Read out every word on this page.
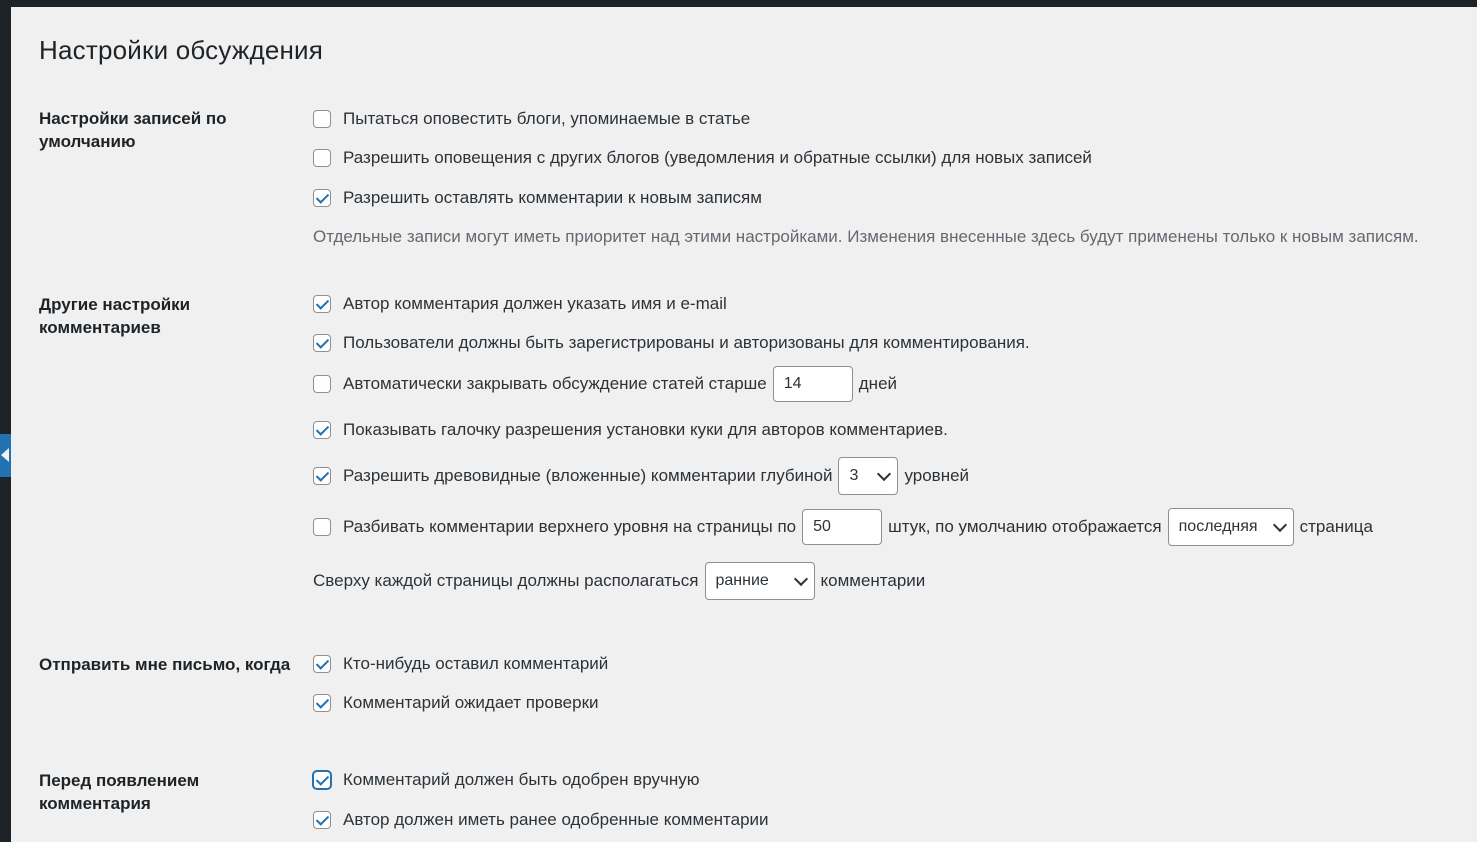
Настройки обсуждения
Настройки записей по умолчанию
Пытаться оповестить блоги, упоминаемые в статье
Разрешить оповещения с других блогов (уведомления и обратные ссылки) для новых записей
Разрешить оставлять комментарии к новым записям
Отдельные записи могут иметь приоритет над этими настройками. Изменения внесенные здесь будут применены только к новым записям.
Другие настройки комментариев
Автор комментария должен указать имя и e-mail
Пользователи должны быть зарегистрированы и авторизованы для комментирования.
Автоматически закрывать обсуждение статей старше	14	дней
Показывать галочку разрешения установки куки для авторов комментариев.
Разрешить древовидные (вложенные) комментарии глубиной 3	уровней
Разбивать комментарии верхнего уровня на страницы по	50	штук, по умолчанию отображается последняя страница
Сверху каждой страницы должны располагаться ранние	комментарии
Отправить мне письмо, когда	Кто-нибудь оставил комментарий
Комментарий ожидает проверки
Перед появлением комментария
Комментарий должен быть одобрен вручную
Автор должен иметь ранее одобренные комментарии
